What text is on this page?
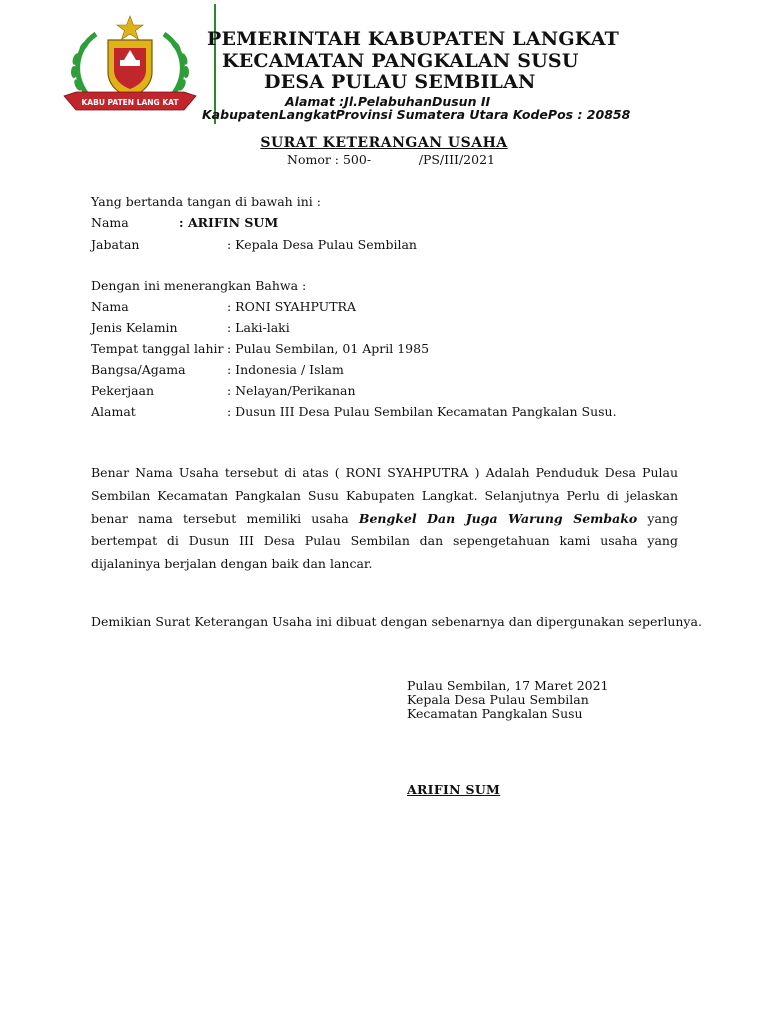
KABU PATEN LANG KAT
PEMERINTAH KABUPATEN LANGKAT
KECAMATAN PANGKALAN SUSU
DESA PULAU SEMBILAN
Alamat :Jl.PelabuhanDusun II
KabupatenLangkatProvinsi Sumatera Utara KodePos : 20858
SURAT KETERANGAN USAHA
Nomor : 500-            /PS/III/2021
Yang bertanda tangan di bawah ini :
Nama	: ARIFIN SUM
Jabatan	: Kepala Desa Pulau Sembilan
Dengan ini menerangkan Bahwa :
Nama	: RONI SYAHPUTRA
Jenis Kelamin	: Laki-laki
Tempat tanggal lahir : Pulau Sembilan, 01 April 1985
Bangsa/Agama	: Indonesia / Islam
Pekerjaan	: Nelayan/Perikanan
Alamat	: Dusun III Desa Pulau Sembilan Kecamatan Pangkalan Susu.
Benar Nama Usaha tersebut di atas ( RONI SYAHPUTRA ) Adalah Penduduk Desa Pulau Sembilan Kecamatan Pangkalan Susu Kabupaten Langkat. Selanjutnya Perlu di jelaskan benar nama tersebut memiliki usaha Bengkel Dan Juga Warung Sembako yang bertempat di Dusun III Desa Pulau Sembilan dan sepengetahuan kami usaha yang dijalaninya berjalan dengan baik dan lancar.
Demikian Surat Keterangan Usaha ini dibuat dengan sebenarnya dan dipergunakan seperlunya.
Pulau Sembilan, 17 Maret 2021
Kepala Desa Pulau Sembilan
Kecamatan Pangkalan Susu
ARIFIN SUM
